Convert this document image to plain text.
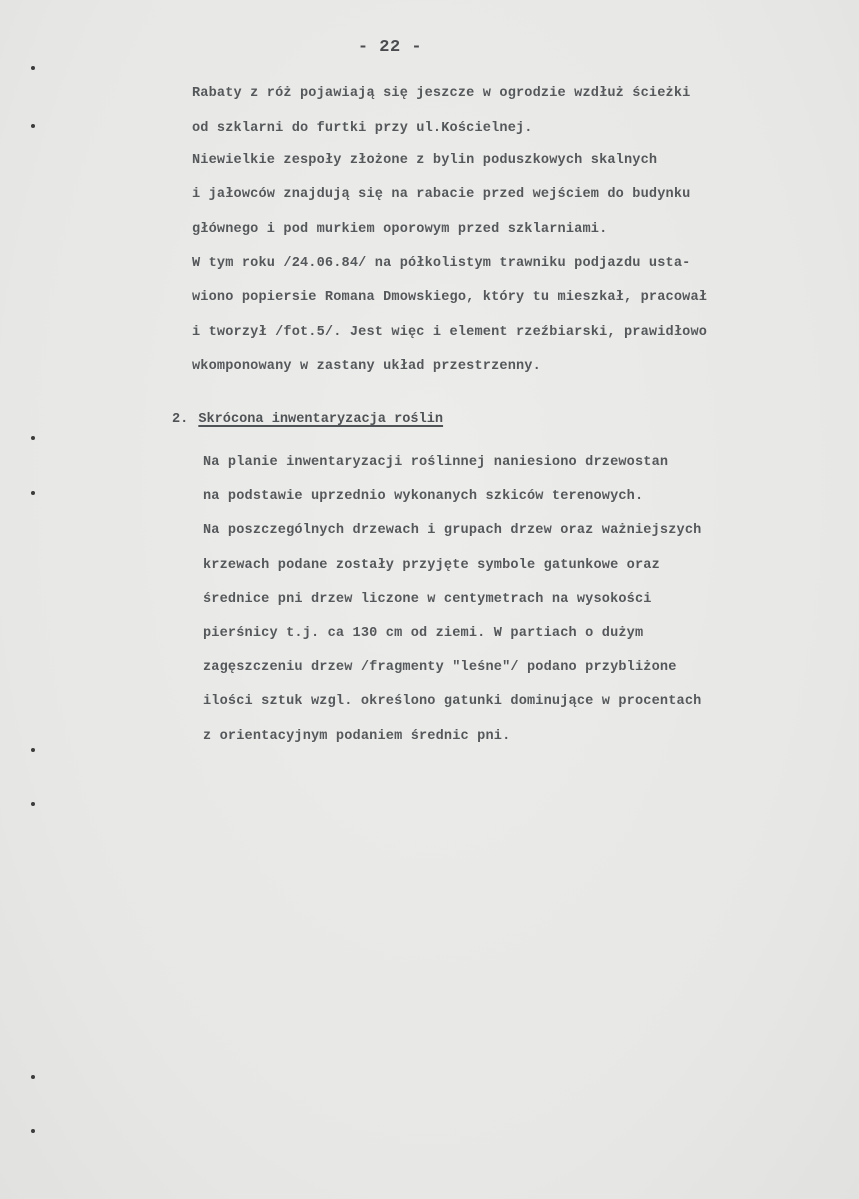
- 22 -
Rabaty z róż pojawiają się jeszcze w ogrodzie wzdłuż ścieżki
od szklarni do furtki przy ul.Kościelnej.
Niewielkie zespoły złożone z bylin poduszkowych skalnych
i jałowców znajdują się na rabacie przed wejściem do budynku
głównego i pod murkiem oporowym przed szklarniami.
W tym roku /24.06.84/ na półkolistym trawniku podjazdu usta-
wiono popiersie Romana Dmowskiego, który tu mieszkał, pracował
i tworzył /fot.5/. Jest więc i element rzeźbiarski, prawidłowo
wkomponowany w zastany układ przestrzenny.
2. Skrócona inwentaryzacja roślin
Na planie inwentaryzacji roślinnej naniesiono drzewostan
na podstawie uprzednio wykonanych szkiców terenowych.
Na poszczególnych drzewach i grupach drzew oraz ważniejszych
krzewach podane zostały przyjęte symbole gatunkowe oraz
średnice pni drzew liczone w centymetrach na wysokości
pierśnicy t.j. ca 130 cm od ziemi. W partiach o dużym
zagęszczeniu drzew /fragmenty "leśne"/ podano przybliżone
ilości sztuk wzgl. określono gatunki dominujące w procentach
z orientacyjnym podaniem średnic pni.
